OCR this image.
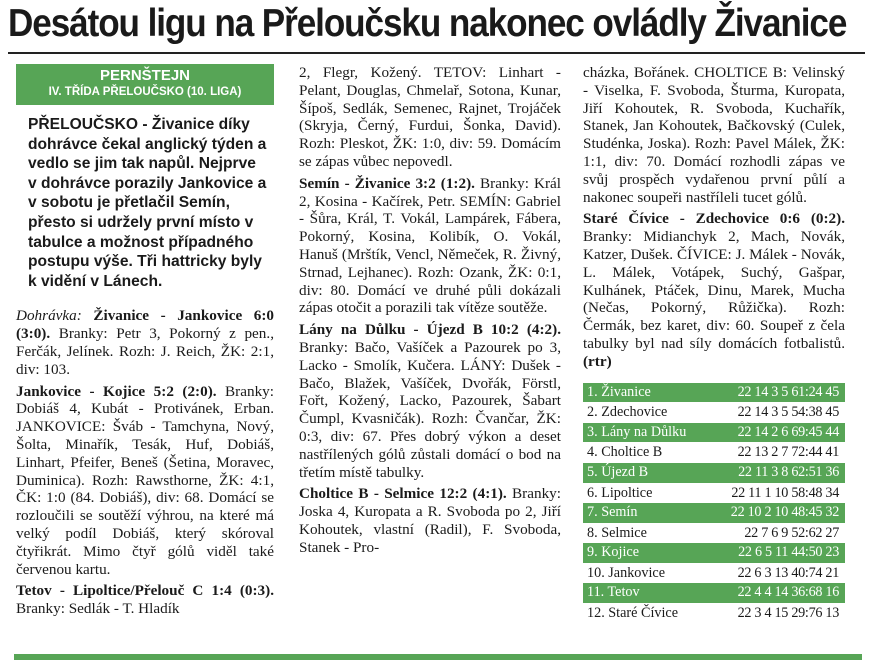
Desátou ligu na Přeloučsku nakonec ovládly Živanice
PERNŠTEJN
IV. TŘÍDA PŘELOUČSKO (10. LIGA)

PŘELOUČSKO - Živanice díky dohrávce čekal anglický týden a vedlo se jim tak napůl. Nejprve v dohrávce porazily Jankovice a v sobotu je přetlačil Semín, přesto si udržely první místo v tabulce a možnost případného postupu výše. Tři hattricky byly k vidění v Lánech.

Dohrávka: Živanice - Jankovice 6:0 (3:0). Branky: Petr 3, Pokorný z pen., Ferčák, Jelínek. Rozh: J. Reich, ŽK: 2:1, div: 103.

Jankovice - Kojice 5:2 (2:0). Branky: Dobiáš 4, Kubát - Protivánek, Erban. JANKOVICE: Šváb - Tamchyna, Nový, Šolta, Minařík, Tesák, Huf, Dobiáš, Linhart, Pfeifer, Beneš (Šetina, Moravec, Duminica). Rozh: Rawsthorne, ŽK: 4:1, ČK: 1:0 (84. Dobiáš), div: 68. Domácí se rozloučili se soutěží výhrou, na které má velký podíl Dobiáš, který skóroval čtyřikrát. Mimo čtyř gólů viděl také červenou kartu.

Tetov - Lipoltice/Přelouč C 1:4 (0:3). Branky: Sedlák - T. Hladík

2, Flegr, Kožený. TETOV: Linhart - Pelant, Douglas, Chmelař, Sotona, Kunar, Šípoš, Sedlák, Semenec, Rajnet, Trojáček (Skryja, Černý, Furdui, Šonka, David). Rozh: Pleskot, ŽK: 1:0, div: 59. Domácím se zápas vůbec nepovedl.

Semín - Živanice 3:2 (1:2). Branky: Král 2, Kosina - Kačírek, Petr. SEMÍN: Gabriel - Šůra, Král, T. Vokál, Lampárek, Fábera, Pokorný, Kosina, Kolibík, O. Vokál, Hanuš (Mrštík, Vencl, Němeček, R. Živný, Strnad, Lejhanec). Rozh: Ozank, ŽK: 0:1, div: 80. Domácí ve druhé půli dokázali zápas otočit a porazili tak vítěze soutěže.

Lány na Důlku - Újezd B 10:2 (4:2). Branky: Bačo, Vašíček a Pazourek po 3, Lacko - Smolík, Kučera. LÁNY: Dušek - Bačo, Blažek, Vašíček, Dvořák, Förstl, Fořt, Kožený, Lacko, Pazourek, Šabart Čumpl, Kvasničák). Rozh: Čvančar, ŽK: 0:3, div: 67. Přes dobrý výkon a deset nastřílených gólů zůstali domácí o bod na třetím místě tabulky.

Choltice B - Selmice 12:2 (4:1). Branky: Joska 4, Kuropata a R. Svoboda po 2, Jiří Kohoutek, vlastní (Radil), F. Svoboda, Stanek - Pro-

cházka, Bořánek. CHOLTICE B: Velinský - Viselka, F. Svoboda, Šturma, Kuropata, Jiří Kohoutek, R. Svoboda, Kuchařík, Stanek, Jan Kohoutek, Bačkovský (Culek, Studénka, Joska). Rozh: Pavel Málek, ŽK: 1:1, div: 70. Domácí rozhodli zápas ve svůj prospěch vydařenou první půlí a nakonec soupeři nastříleli tucet gólů.

Staré Čívice - Zdechovice 0:6 (0:2). Branky: Midianchyk 2, Mach, Novák, Katzer, Dušek. ČÍVICE: J. Málek - Novák, L. Málek, Votápek, Suchý, Gašpar, Kulhánek, Ptáček, Dinu, Marek, Mucha (Nečas, Pokorný, Růžička). Rozh: Čermák, bez karet, div: 60. Soupeř z čela tabulky byl nad síly domácích fotbalistů. (rtr)

1. Živanice	22 14 3 5 61:24 45
2. Zdechovice	22 14 3 5 54:38 45
3. Lány na Důlku	22 14 2 6 69:45 44
4. Choltice B	22 13 2 7 72:44 41
5. Újezd B	22 11 3 8 62:51 36
6. Lipoltice	22 11 1 10 58:48 34
7. Semín	22 10 2 10 48:45 32
8. Selmice	22 7 6 9 52:62 27
9. Kojice	22 6 5 11 44:50 23
10. Jankovice	22 6 3 13 40:74 21
11. Tetov	22 4 4 14 36:68 16
12. Staré Čívice	22 3 4 15 29:76 13
